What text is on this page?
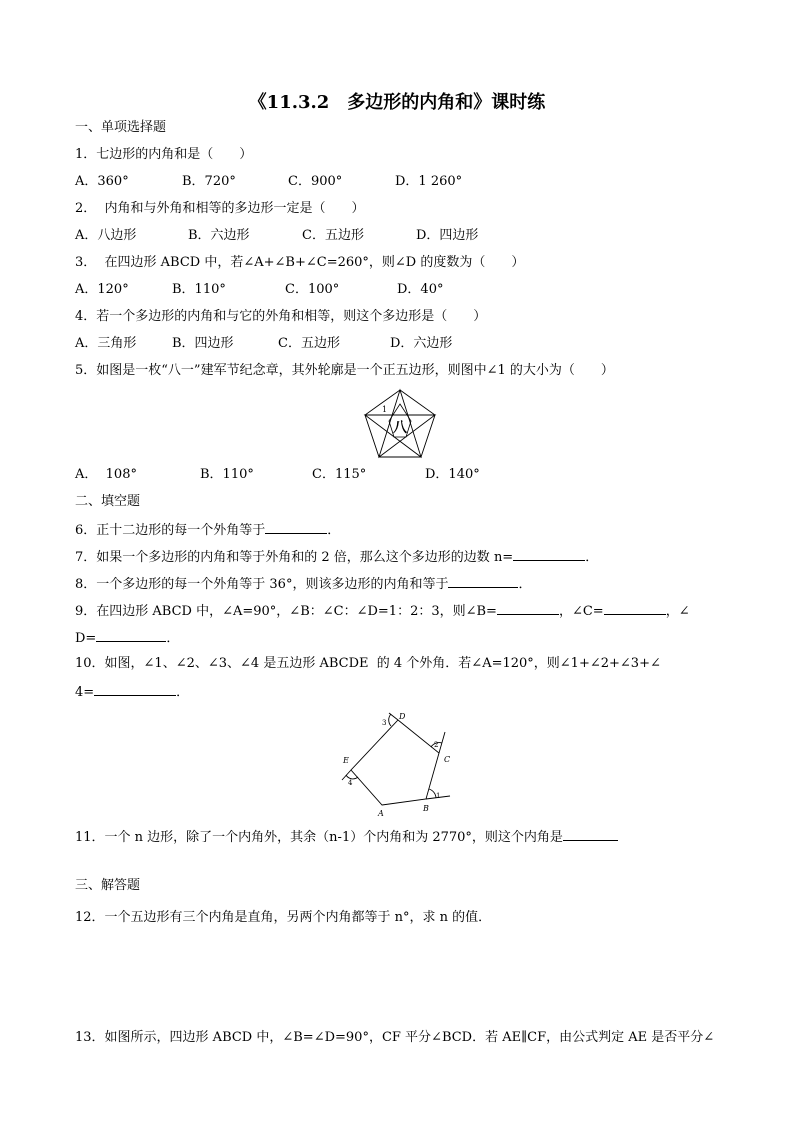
《11.3.2　多边形的内角和》课时练
一、单项选择题
1．七边形的内角和是（　　）
A．360°	B．720°	C．900°	D．1 260°
2．  内角和与外角和相等的多边形一定是（　　）
A．八边形	B．六边形	C．五边形	D．四边形
3．  在四边形 ABCD 中，若∠A+∠B+∠C=260°，则∠D 的度数为（　　）
A．120°	B．110°	C．100°	D．40°
4．若一个多边形的内角和与它的外角和相等，则这个多边形是（　　）
A．三角形	B．四边形	C．五边形	D．六边形
5．如图是一枚“八一”建军节纪念章，其外轮廓是一个正五边形，则图中∠1 的大小为（　　）
1
八
A．  108°	B．110°	C．115°	D．140°
二、填空题
6．正十二边形的每一个外角等于	．
7．如果一个多边形的内角和等于外角和的 2 倍，那么这个多边形的边数 n=	．
8．一个多边形的每一个外角等于 36°，则该多边形的内角和等于	．
9．在四边形 ABCD 中，∠A=90°，∠B：∠C：∠D=1：2：3，则∠B=	，∠C=	，∠
D=	．
10．如图，∠1、∠2、∠3、∠4 是五边形 ABCDE  的 4 个外角．若∠A=120°，则∠1+∠2+∠3+∠
4=	．
A
B
C
D
E
1
2
3
4
11．一个 n 边形，除了一个内角外，其余（n-1）个内角和为 2770°，则这个内角是
三、解答题
12．一个五边形有三个内角是直角，另两个内角都等于 n°，求 n 的值．
13．如图所示，四边形 ABCD 中，∠B=∠D=90°，CF 平分∠BCD．若 AE∥CF，由公式判定 AE 是否平分∠
